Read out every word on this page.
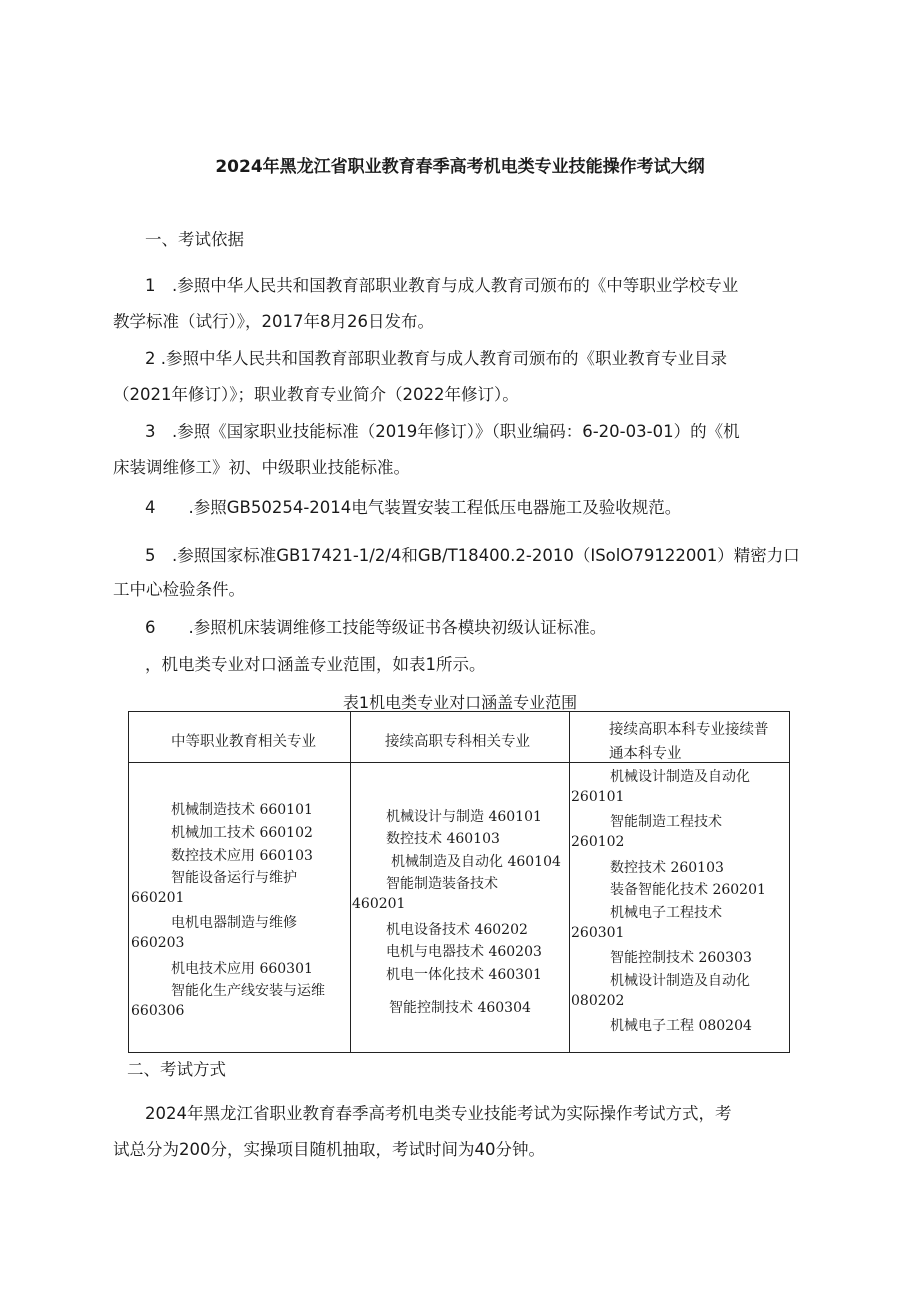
2024年黑龙江省职业教育春季高考机电类专业技能操作考试大纲
一、考试依据
1　.参照中华人民共和国教育部职业教育与成人教育司颁布的《中等职业学校专业
教学标准（试行）》，2017年8月26日发布。
2 .参照中华人民共和国教育部职业教育与成人教育司颁布的《职业教育专业目录
（2021年修订）》；职业教育专业简介（2022年修订）。
3　.参照《国家职业技能标准（2019年修订）》（职业编码：6-20-03-01）的《机
床装调维修工》初、中级职业技能标准。
4　　.参照GB50254-2014电气装置安装工程低压电器施工及验收规范。
5　.参照国家标准GB17421-1/2/4和GB/T18400.2-2010（ISolO79122001）精密力口
工中心检验条件。
6　　.参照机床装调维修工技能等级证书各模块初级认证标准。
，机电类专业对口涵盖专业范围，如表1所示。
表1机电类专业对口涵盖专业范围
中等职业教育相关专业	接续高职专科相关专业
接续高职本科专业接续普
通本科专业
机械制造技术 660101
机械加工技术 660102
数控技术应用 660103
智能设备运行与维护
660201
电机电器制造与维修
660203
机电技术应用 660301
智能化生产线安装与运维
660306
机械设计与制造 460101
数控技术 460103
机械制造及自动化 460104
智能制造装备技术
460201
机电设备技术 460202
电机与电器技术 460203
机电一体化技术 460301
智能控制技术 460304
机械设计制造及自动化
260101
智能制造工程技术
260102
数控技术 260103
装备智能化技术 260201
机械电子工程技术
260301
智能控制技术 260303
机械设计制造及自动化
080202
机械电子工程 080204
二、考试方式
2024年黑龙江省职业教育春季高考机电类专业技能考试为实际操作考试方式，考
试总分为200分，实操项目随机抽取，考试时间为40分钟。
